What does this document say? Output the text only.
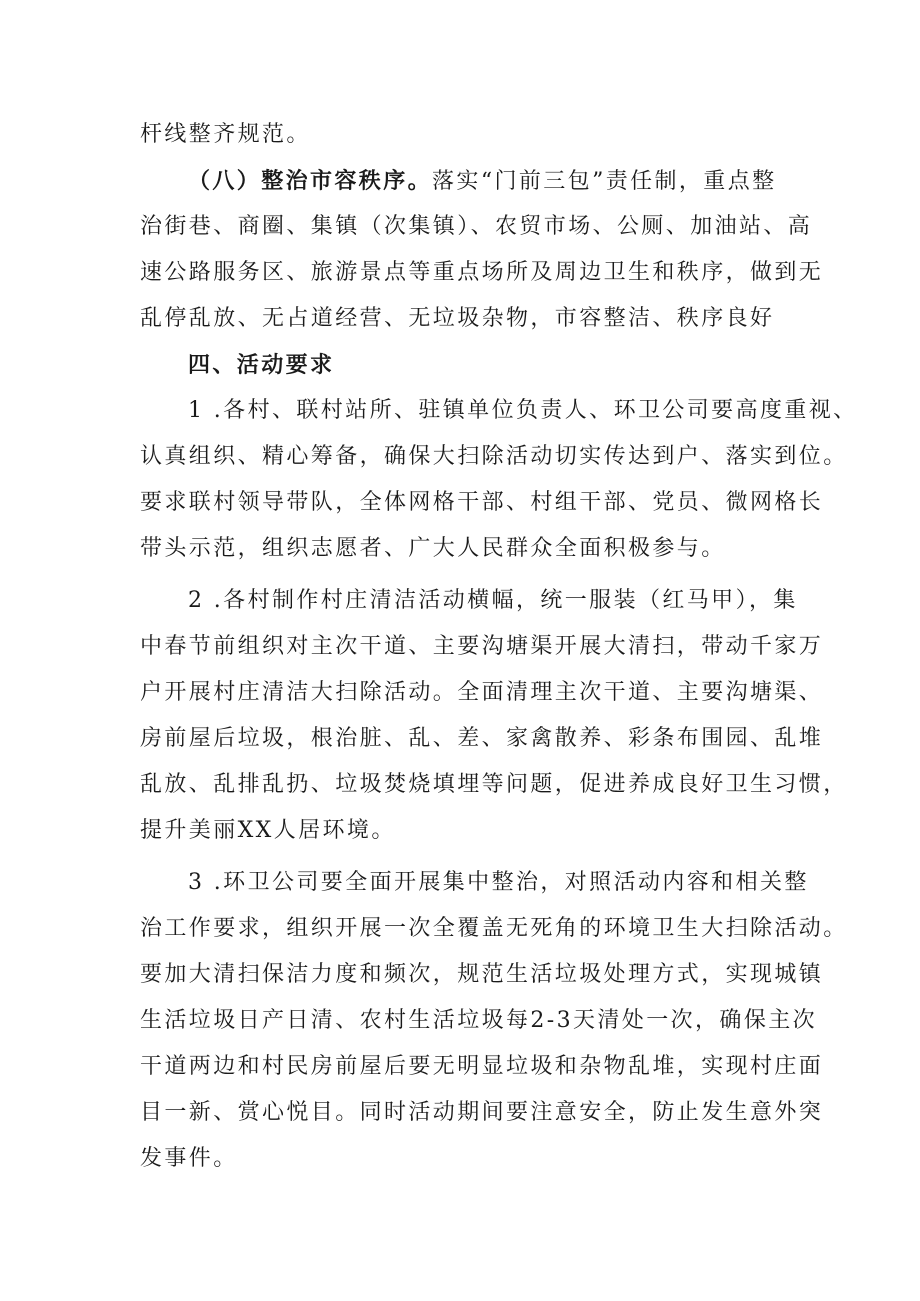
杆线整齐规范。
（八）整治市容秩序。落实“门前三包”责任制，重点整
治街巷、商圈、集镇（次集镇）、农贸市场、公厕、加油站、高
速公路服务区、旅游景点等重点场所及周边卫生和秩序，做到无
乱停乱放、无占道经营、无垃圾杂物，市容整洁、秩序良好
四、活动要求
1 .各村、联村站所、驻镇单位负责人、环卫公司要高度重视、
认真组织、精心筹备，确保大扫除活动切实传达到户、落实到位。
要求联村领导带队，全体网格干部、村组干部、党员、微网格长
带头示范，组织志愿者、广大人民群众全面积极参与。
2 .各村制作村庄清洁活动横幅，统一服装（红马甲），集
中春节前组织对主次干道、主要沟塘渠开展大清扫，带动千家万
户开展村庄清洁大扫除活动。全面清理主次干道、主要沟塘渠、
房前屋后垃圾，根治脏、乱、差、家禽散养、彩条布围园、乱堆
乱放、乱排乱扔、垃圾焚烧填埋等问题，促进养成良好卫生习惯，
提升美丽XX人居环境。
3 .环卫公司要全面开展集中整治，对照活动内容和相关整
治工作要求，组织开展一次全覆盖无死角的环境卫生大扫除活动。
要加大清扫保洁力度和频次，规范生活垃圾处理方式，实现城镇
生活垃圾日产日清、农村生活垃圾每2-3天清处一次，确保主次
干道两边和村民房前屋后要无明显垃圾和杂物乱堆，实现村庄面
目一新、赏心悦目。同时活动期间要注意安全，防止发生意外突
发事件。
